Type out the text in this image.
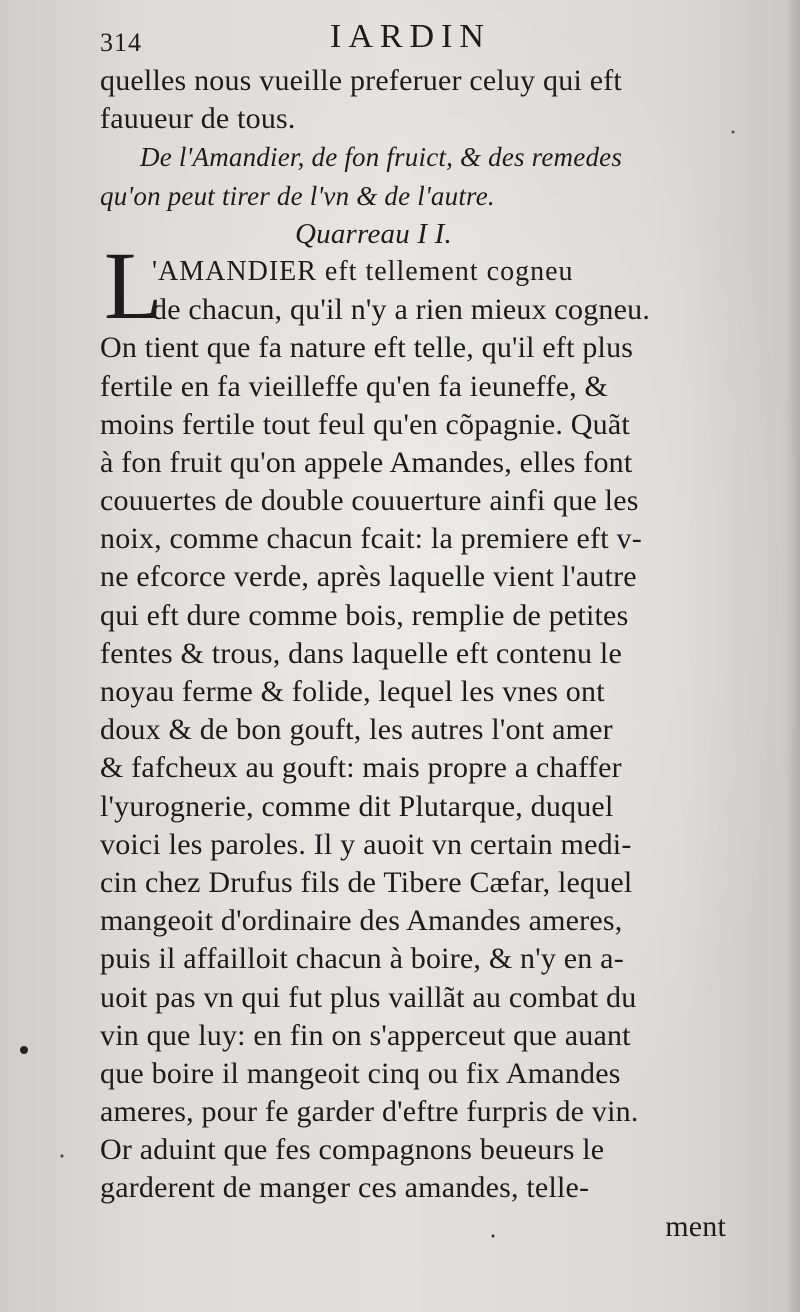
314	IARDIN
L
quelles nous vueille preferuer celuy qui eft
fauueur de tous.
De l'Amandier, de fon fruict, & des remedes
qu'on peut tirer de l'vn & de l'autre.
Quarreau I I.
'AMANDIER eft tellement cogneu
de chacun, qu'il n'y a rien mieux cogneu.
On tient que fa nature eft telle, qu'il eft plus
fertile en fa vieilleffe qu'en fa ieuneffe, &
moins fertile tout feul qu'en cõpagnie. Quãt
à fon fruit qu'on appele Amandes, elles font
couuertes de double couuerture ainfi que les
noix, comme chacun fcait: la premiere eft v-
ne efcorce verde, après laquelle vient l'autre
qui eft dure comme bois, remplie de petites
fentes & trous, dans laquelle eft contenu le
noyau ferme & folide, lequel les vnes ont
doux & de bon gouft, les autres l'ont amer
& fafcheux au gouft: mais propre a chaffer
l'yurognerie, comme dit Plutarque, duquel
voici les paroles. Il y auoit vn certain medi-
cin chez Drufus fils de Tibere Cæfar, lequel
mangeoit d'ordinaire des Amandes ameres,
puis il affailloit chacun à boire, & n'y en a-
uoit pas vn qui fut plus vaillãt au combat du
vin que luy: en fin on s'apperceut que auant
que boire il mangeoit cinq ou fix Amandes
ameres, pour fe garder d'eftre furpris de vin.
Or aduint que fes compagnons beueurs le
garderent de manger ces amandes, telle-
ment
